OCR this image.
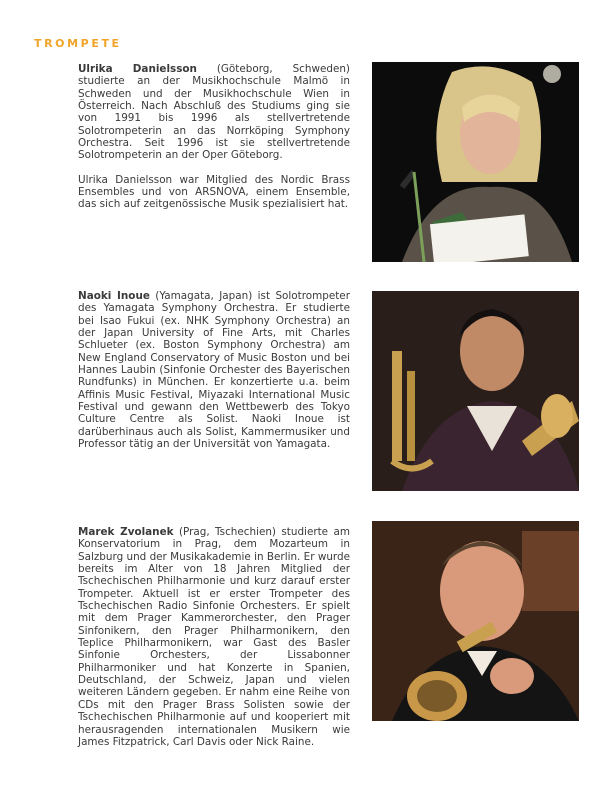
TROMPETE

Ulrika Danielsson (Göteborg, Schweden) studierte an der Musikhochschule Malmö in Schweden und der Musikhochschule Wien in Österreich. Nach Abschluß des Studiums ging sie von 1991 bis 1996 als stellvertretende Solotrompeterin an das Norrköping Symphony Orchestra. Seit 1996 ist sie stellvertretende Solotrompeterin an der Oper Göteborg.

Ulrika Danielsson war Mitglied des Nordic Brass Ensembles und von ARSNOVA, einem Ensemble, das sich auf zeitgenössische Musik spezialisiert hat.

Naoki Inoue (Yamagata, Japan) ist Solotrompeter des Yamagata Symphony Orchestra. Er studierte bei Isao Fukui (ex. NHK Symphony Orchestra) an der Japan University of Fine Arts, mit Charles Schlueter (ex. Boston Symphony Orchestra) am New England Conservatory of Music Boston und bei Hannes Laubin (Sinfonie Orchester des Bayerischen Rundfunks) in München. Er konzertierte u.a. beim Affinis Music Festival, Miyazaki International Music Festival und gewann den Wettbewerb des Tokyo Culture Centre als Solist. Naoki Inoue ist darüberhinaus auch als Solist, Kammermusiker und Professor tätig an der Universität von Yamagata.

Marek Zvolanek (Prag, Tschechien) studierte am Konservatorium in Prag, dem Mozarteum in Salzburg und der Musikakademie in Berlin. Er wurde bereits im Alter von 18 Jahren Mitglied der Tschechischen Philharmonie und kurz darauf erster Trompeter. Aktuell ist er erster Trompeter des Tschechischen Radio Sinfonie Orchesters. Er spielt mit dem Prager Kammerorchester, den Prager Sinfonikern, den Prager Philharmonikern, den Teplice Philharmonikern, war Gast des Basler Sinfonie Orchesters, der Lissabonner Philharmoniker und hat Konzerte in Spanien, Deutschland, der Schweiz, Japan und vielen weiteren Ländern gegeben. Er nahm eine Reihe von CDs mit den Prager Brass Solisten sowie der Tschechischen Philharmonie auf und kooperiert mit herausragenden internationalen Musikern wie James Fitzpatrick, Carl Davis oder Nick Raine.
